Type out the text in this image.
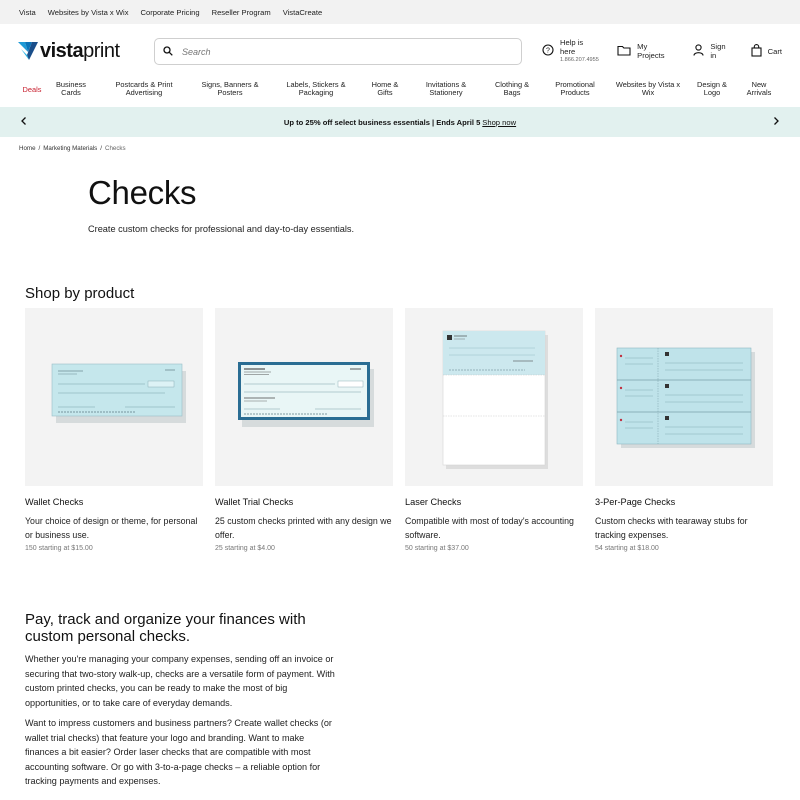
Vista Websites by Vista x Wix Corporate Pricing Reseller Program VistaCreate
vistaprint
Search	?
Help is here
1.866.207.4955
My Projects
Sign in	Cart
Deals
Business
Cards
Postcards & Print
Advertising
Signs, Banners &
Posters
Labels, Stickers &
Packaging
Home &
Gifts
Invitations &
Stationery
Clothing &
Bags
Promotional
Products
Websites by Vista x
Wix
Design &
Logo
New
Arrivals
Up to 25% off select business essentials | Ends April 5 Shop now
Home / Marketing Materials / Checks
Checks

Create custom checks for professional and day-to-day essentials.

Shop by product
Wallet Checks
Your choice of design or theme, for personal or business use.
150 starting at $15.00
Wallet Trial Checks
25 custom checks printed with any design we offer.
25 starting at $4.00
Laser Checks
Compatible with most of today's accounting software.
50 starting at $37.00
3-Per-Page Checks
Custom checks with tearaway stubs for tracking expenses.
54 starting at $18.00
Pay, track and organize your finances with custom personal checks.

Whether you're managing your company expenses, sending off an invoice or securing that two-story walk-up, checks are a versatile form of payment. With custom printed checks, you can be ready to make the most of big opportunities, or to take care of everyday demands.

Want to impress customers and business partners? Create wallet checks (or wallet trial checks) that feature your logo and branding. Want to make finances a bit easier? Order laser checks that are compatible with most accounting software. Or go with 3-to-a-page checks – a reliable option for tracking payments and expenses.
